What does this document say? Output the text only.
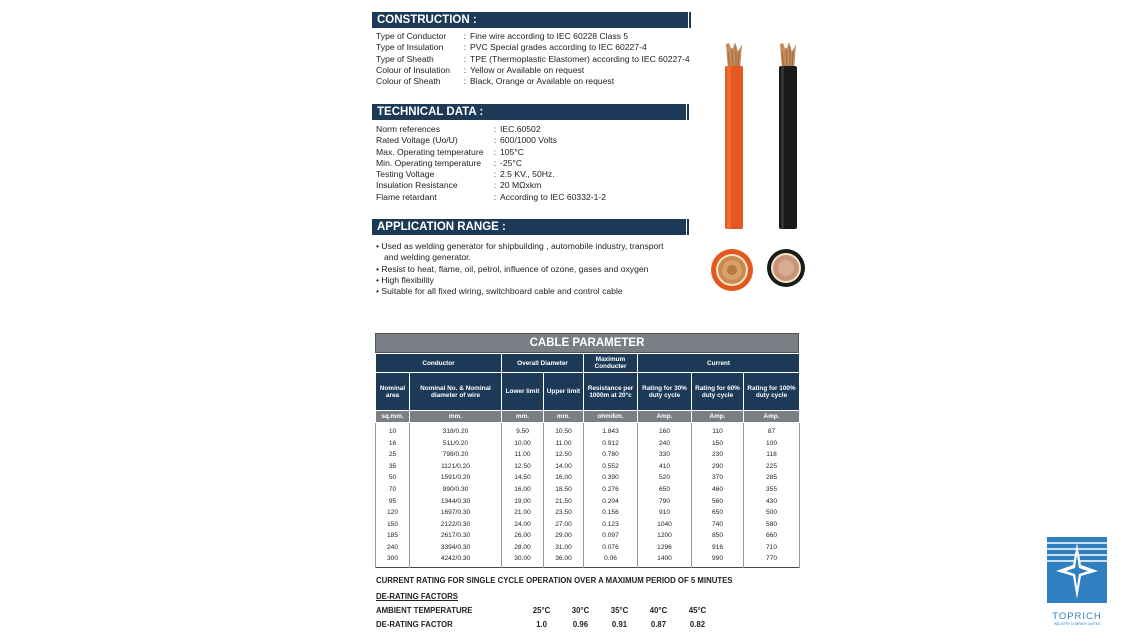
CONSTRUCTION :
Type of Conductor	: Fine wire according to IEC 60228 Class 5
Type of Insulation	: PVC Special grades according to IEC 60227-4
Type of Sheath	: TPE (Thermoplastic Elastomer) according to IEC 60227-4
Colour of Insulation	: Yellow or Available on request
Colour of Sheath	: Black, Orange or Available on request
TECHNICAL DATA :
Norm references	: IEC.60502
Rated Voltage (Uo/U)	: 600/1000 Volts
Max. Operating temperature	: 105°C
Min. Operating temperature	: -25°C
Testing Voltage	: 2.5 KV., 50Hz.
Insulation Resistance	: 20 MΩxkm
Flame retardant	: According to IEC 60332-1-2
APPLICATION RANGE :
• Used as welding generator for shipbuilding , automobile industry, transport
and welding generator.
• Resist to heat, flame, oil, petrol, influence of ozone, gases and oxygen
• High flexibility
• Suitable for all fixed wiring, switchboard cable and control cable
CABLE PARAMETER
Conductor		Overall Diameter		Maximum Conducter	Current		
Nominal area	Nominal No. & Nominal diameter of wire	Lower limit	Upper limit	Resistance per 1000m at 20°c	Rating for 30% duty cycle	Rating for 60% duty cycle	Rating for 100% duty cycle
sq.mm.	mm.	mm.	mm.	ohm/km.	Amp.	Amp.	Amp.
10	318/0.20	9.50	10.50	1.843	160	110	87
16	511/0.20	10.00	11.00	0.912	240	150	100
25	798/0.20	11.00	12.50	0.780	330	230	118
35	1121/0.20	12.50	14.00	0.552	410	290	225
50	1591/0.20	14.50	16.00	0.390	520	370	285
70	990/0.30	16.00	18.50	0.276	650	460	355
95	1344/0.30	19.00	21.50	0.204	790	560	430
120	1697/0.30	21.00	23.50	0.156	910	650	500
150	2122/0.30	24.00	27.00	0.123	1040	740	580
185	2617/0.30	26.00	29.00	0.097	1200	850	660
240	3394/0.30	28.00	31.00	0.076	1296	916	710
300	4242/0.30	30.00	36.00	0.06	1400	990	770
CURRENT RATING FOR SINGLE CYCLE OPERATION OVER A MAXIMUM PERIOD OF 5 MINUTES
DE-RATING FACTORS
AMBIENT TEMPERATURE	25°C	30°C	35°C	40°C	45°C
DE-RATING FACTOR	1.0	0.96	0.91	0.87	0.82
TOPRICH
INDUSTRY COMPANY LIMITED
